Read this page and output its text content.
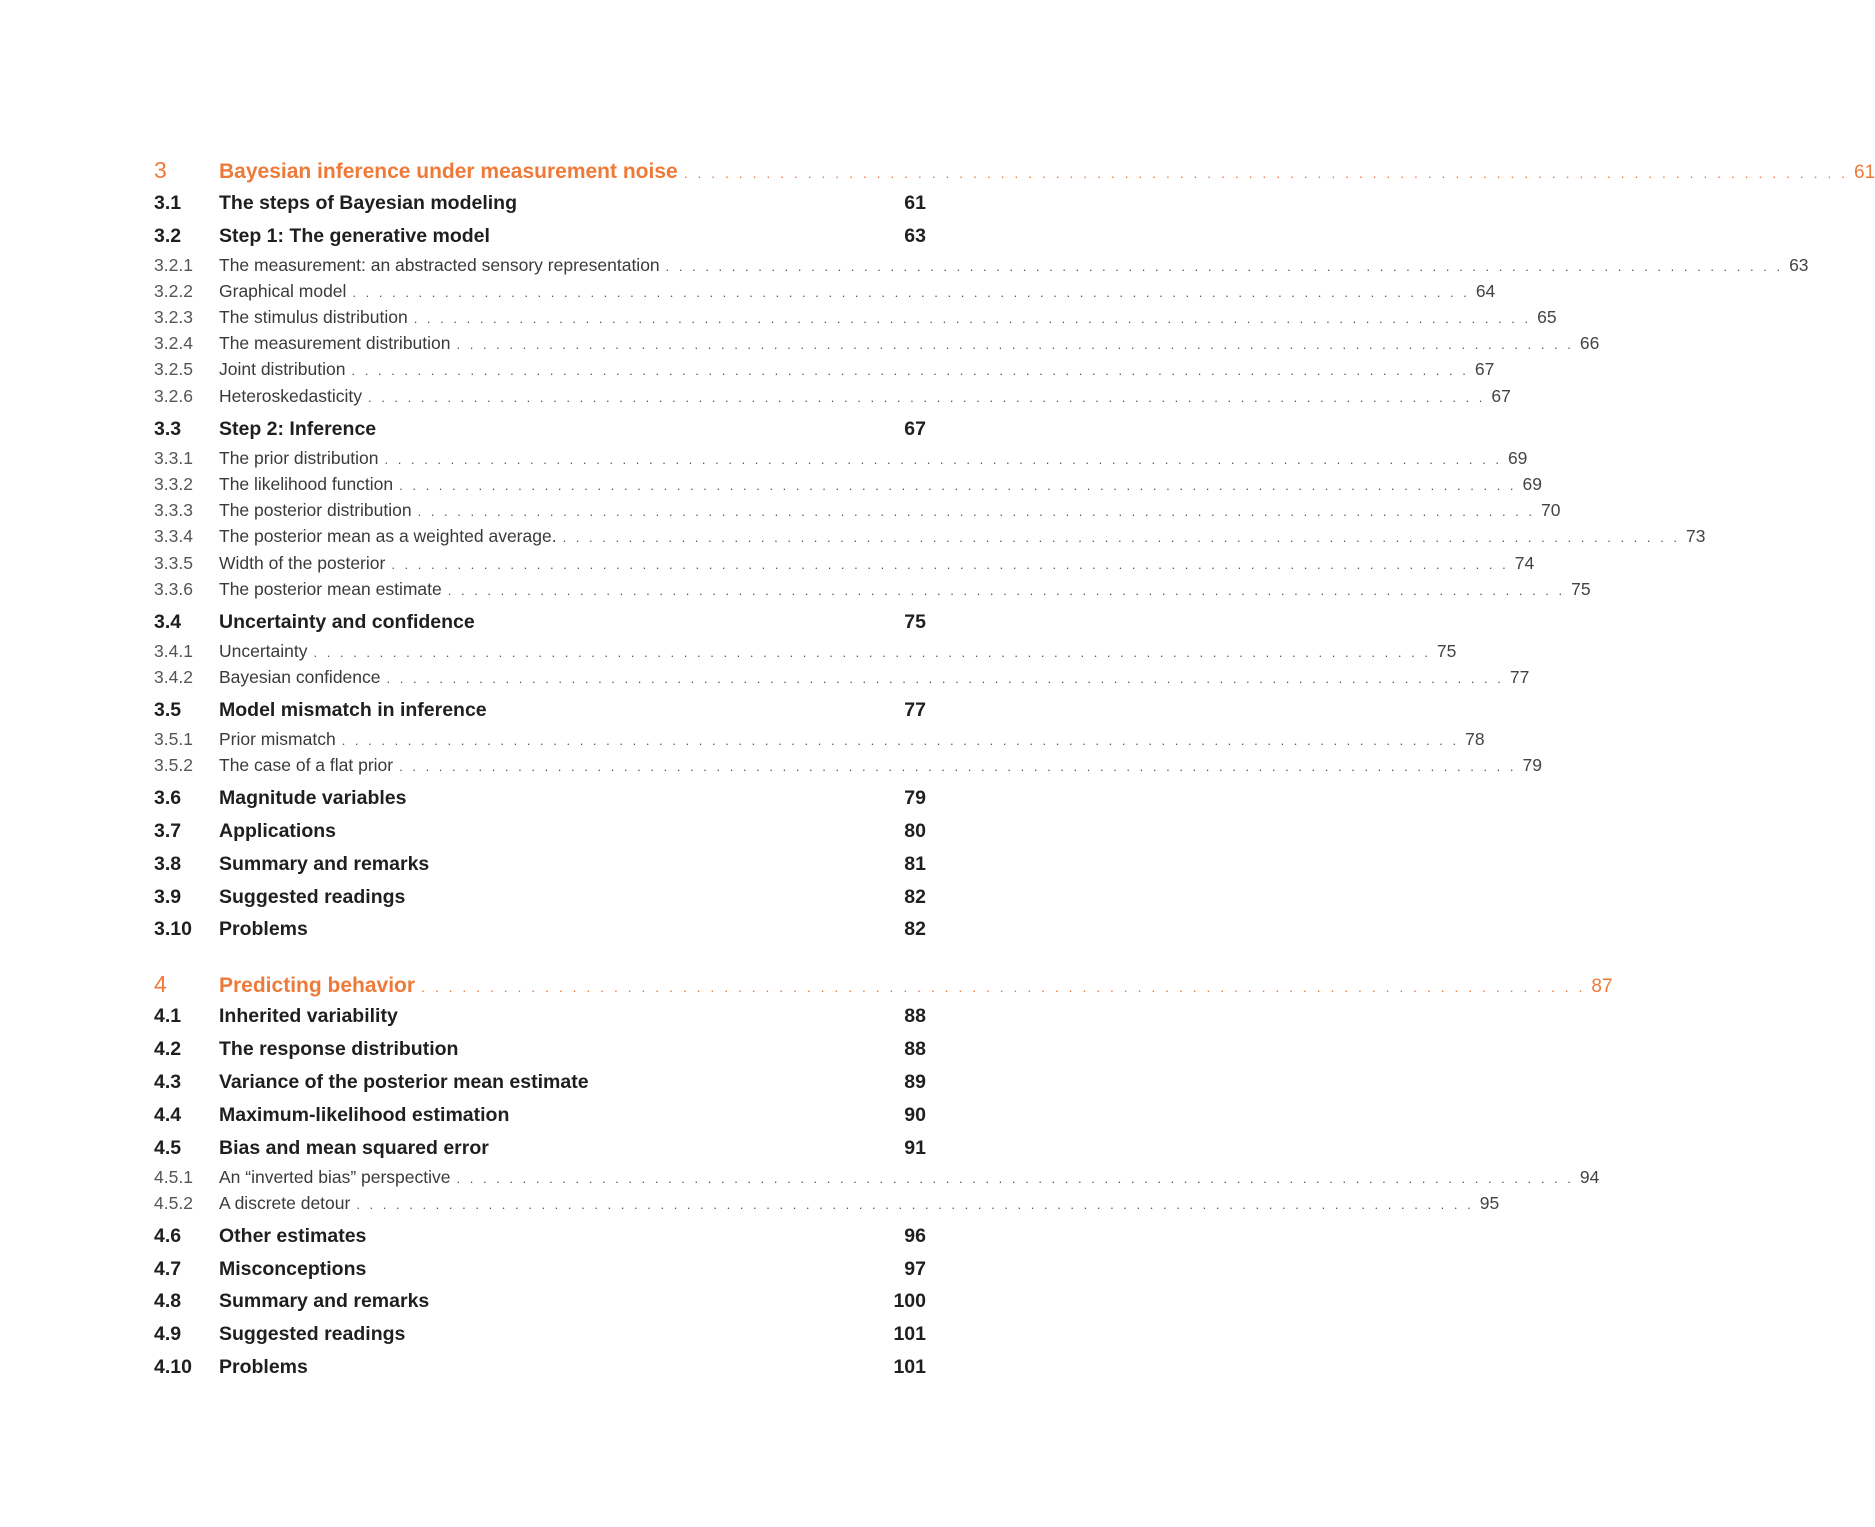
3	Bayesian inference under measurement noise . . . . . . . . . . . . . . . . . . . . . . . . . . . . . . . . . . . . . . . . . . . . . . . . . . . . . . . . . . . . . . . . . . . . . . . . . . . . . . . . . . . . . 61
3.1	The steps of Bayesian modeling	61
3.2	Step 1: The generative model	63
3.2.1	The measurement: an abstracted sensory representation . . . . . . . . . . . . . . . . . . . . . . . . . . . . . . . . . . . . . . . . . . . . . . . . . . . . . . . . . . . . . . . . . . . . . . . . . . . . . . . . . . . . . 63
3.2.2	Graphical model . . . . . . . . . . . . . . . . . . . . . . . . . . . . . . . . . . . . . . . . . . . . . . . . . . . . . . . . . . . . . . . . . . . . . . . . . . . . . . . . . . . . . 64
3.2.3	The stimulus distribution . . . . . . . . . . . . . . . . . . . . . . . . . . . . . . . . . . . . . . . . . . . . . . . . . . . . . . . . . . . . . . . . . . . . . . . . . . . . . . . . . . . . . 65
3.2.4	The measurement distribution . . . . . . . . . . . . . . . . . . . . . . . . . . . . . . . . . . . . . . . . . . . . . . . . . . . . . . . . . . . . . . . . . . . . . . . . . . . . . . . . . . . . . 66
3.2.5	Joint distribution . . . . . . . . . . . . . . . . . . . . . . . . . . . . . . . . . . . . . . . . . . . . . . . . . . . . . . . . . . . . . . . . . . . . . . . . . . . . . . . . . . . . . 67
3.2.6	Heteroskedasticity . . . . . . . . . . . . . . . . . . . . . . . . . . . . . . . . . . . . . . . . . . . . . . . . . . . . . . . . . . . . . . . . . . . . . . . . . . . . . . . . . . . . . 67
3.3	Step 2: Inference	67
3.3.1	The prior distribution . . . . . . . . . . . . . . . . . . . . . . . . . . . . . . . . . . . . . . . . . . . . . . . . . . . . . . . . . . . . . . . . . . . . . . . . . . . . . . . . . . . . . 69
3.3.2	The likelihood function . . . . . . . . . . . . . . . . . . . . . . . . . . . . . . . . . . . . . . . . . . . . . . . . . . . . . . . . . . . . . . . . . . . . . . . . . . . . . . . . . . . . . 69
3.3.3	The posterior distribution . . . . . . . . . . . . . . . . . . . . . . . . . . . . . . . . . . . . . . . . . . . . . . . . . . . . . . . . . . . . . . . . . . . . . . . . . . . . . . . . . . . . . 70
3.3.4	The posterior mean as a weighted average. . . . . . . . . . . . . . . . . . . . . . . . . . . . . . . . . . . . . . . . . . . . . . . . . . . . . . . . . . . . . . . . . . . . . . . . . . . . . . . . . . . . . . 73
3.3.5	Width of the posterior . . . . . . . . . . . . . . . . . . . . . . . . . . . . . . . . . . . . . . . . . . . . . . . . . . . . . . . . . . . . . . . . . . . . . . . . . . . . . . . . . . . . . 74
3.3.6	The posterior mean estimate . . . . . . . . . . . . . . . . . . . . . . . . . . . . . . . . . . . . . . . . . . . . . . . . . . . . . . . . . . . . . . . . . . . . . . . . . . . . . . . . . . . . . 75
3.4	Uncertainty and confidence	75
3.4.1	Uncertainty . . . . . . . . . . . . . . . . . . . . . . . . . . . . . . . . . . . . . . . . . . . . . . . . . . . . . . . . . . . . . . . . . . . . . . . . . . . . . . . . . . . . . 75
3.4.2	Bayesian confidence . . . . . . . . . . . . . . . . . . . . . . . . . . . . . . . . . . . . . . . . . . . . . . . . . . . . . . . . . . . . . . . . . . . . . . . . . . . . . . . . . . . . . 77
3.5	Model mismatch in inference	77
3.5.1	Prior mismatch . . . . . . . . . . . . . . . . . . . . . . . . . . . . . . . . . . . . . . . . . . . . . . . . . . . . . . . . . . . . . . . . . . . . . . . . . . . . . . . . . . . . . 78
3.5.2	The case of a flat prior . . . . . . . . . . . . . . . . . . . . . . . . . . . . . . . . . . . . . . . . . . . . . . . . . . . . . . . . . . . . . . . . . . . . . . . . . . . . . . . . . . . . . 79
3.6	Magnitude variables	79
3.7	Applications	80
3.8	Summary and remarks	81
3.9	Suggested readings	82
3.10	Problems	82
4	Predicting behavior . . . . . . . . . . . . . . . . . . . . . . . . . . . . . . . . . . . . . . . . . . . . . . . . . . . . . . . . . . . . . . . . . . . . . . . . . . . . . . . . . . . . . 87
4.1	Inherited variability	88
4.2	The response distribution	88
4.3	Variance of the posterior mean estimate	89
4.4	Maximum-likelihood estimation	90
4.5	Bias and mean squared error	91
4.5.1	An “inverted bias” perspective . . . . . . . . . . . . . . . . . . . . . . . . . . . . . . . . . . . . . . . . . . . . . . . . . . . . . . . . . . . . . . . . . . . . . . . . . . . . . . . . . . . . . 94
4.5.2	A discrete detour . . . . . . . . . . . . . . . . . . . . . . . . . . . . . . . . . . . . . . . . . . . . . . . . . . . . . . . . . . . . . . . . . . . . . . . . . . . . . . . . . . . . . 95
4.6	Other estimates	96
4.7	Misconceptions	97
4.8	Summary and remarks	100
4.9	Suggested readings	101
4.10	Problems	101
